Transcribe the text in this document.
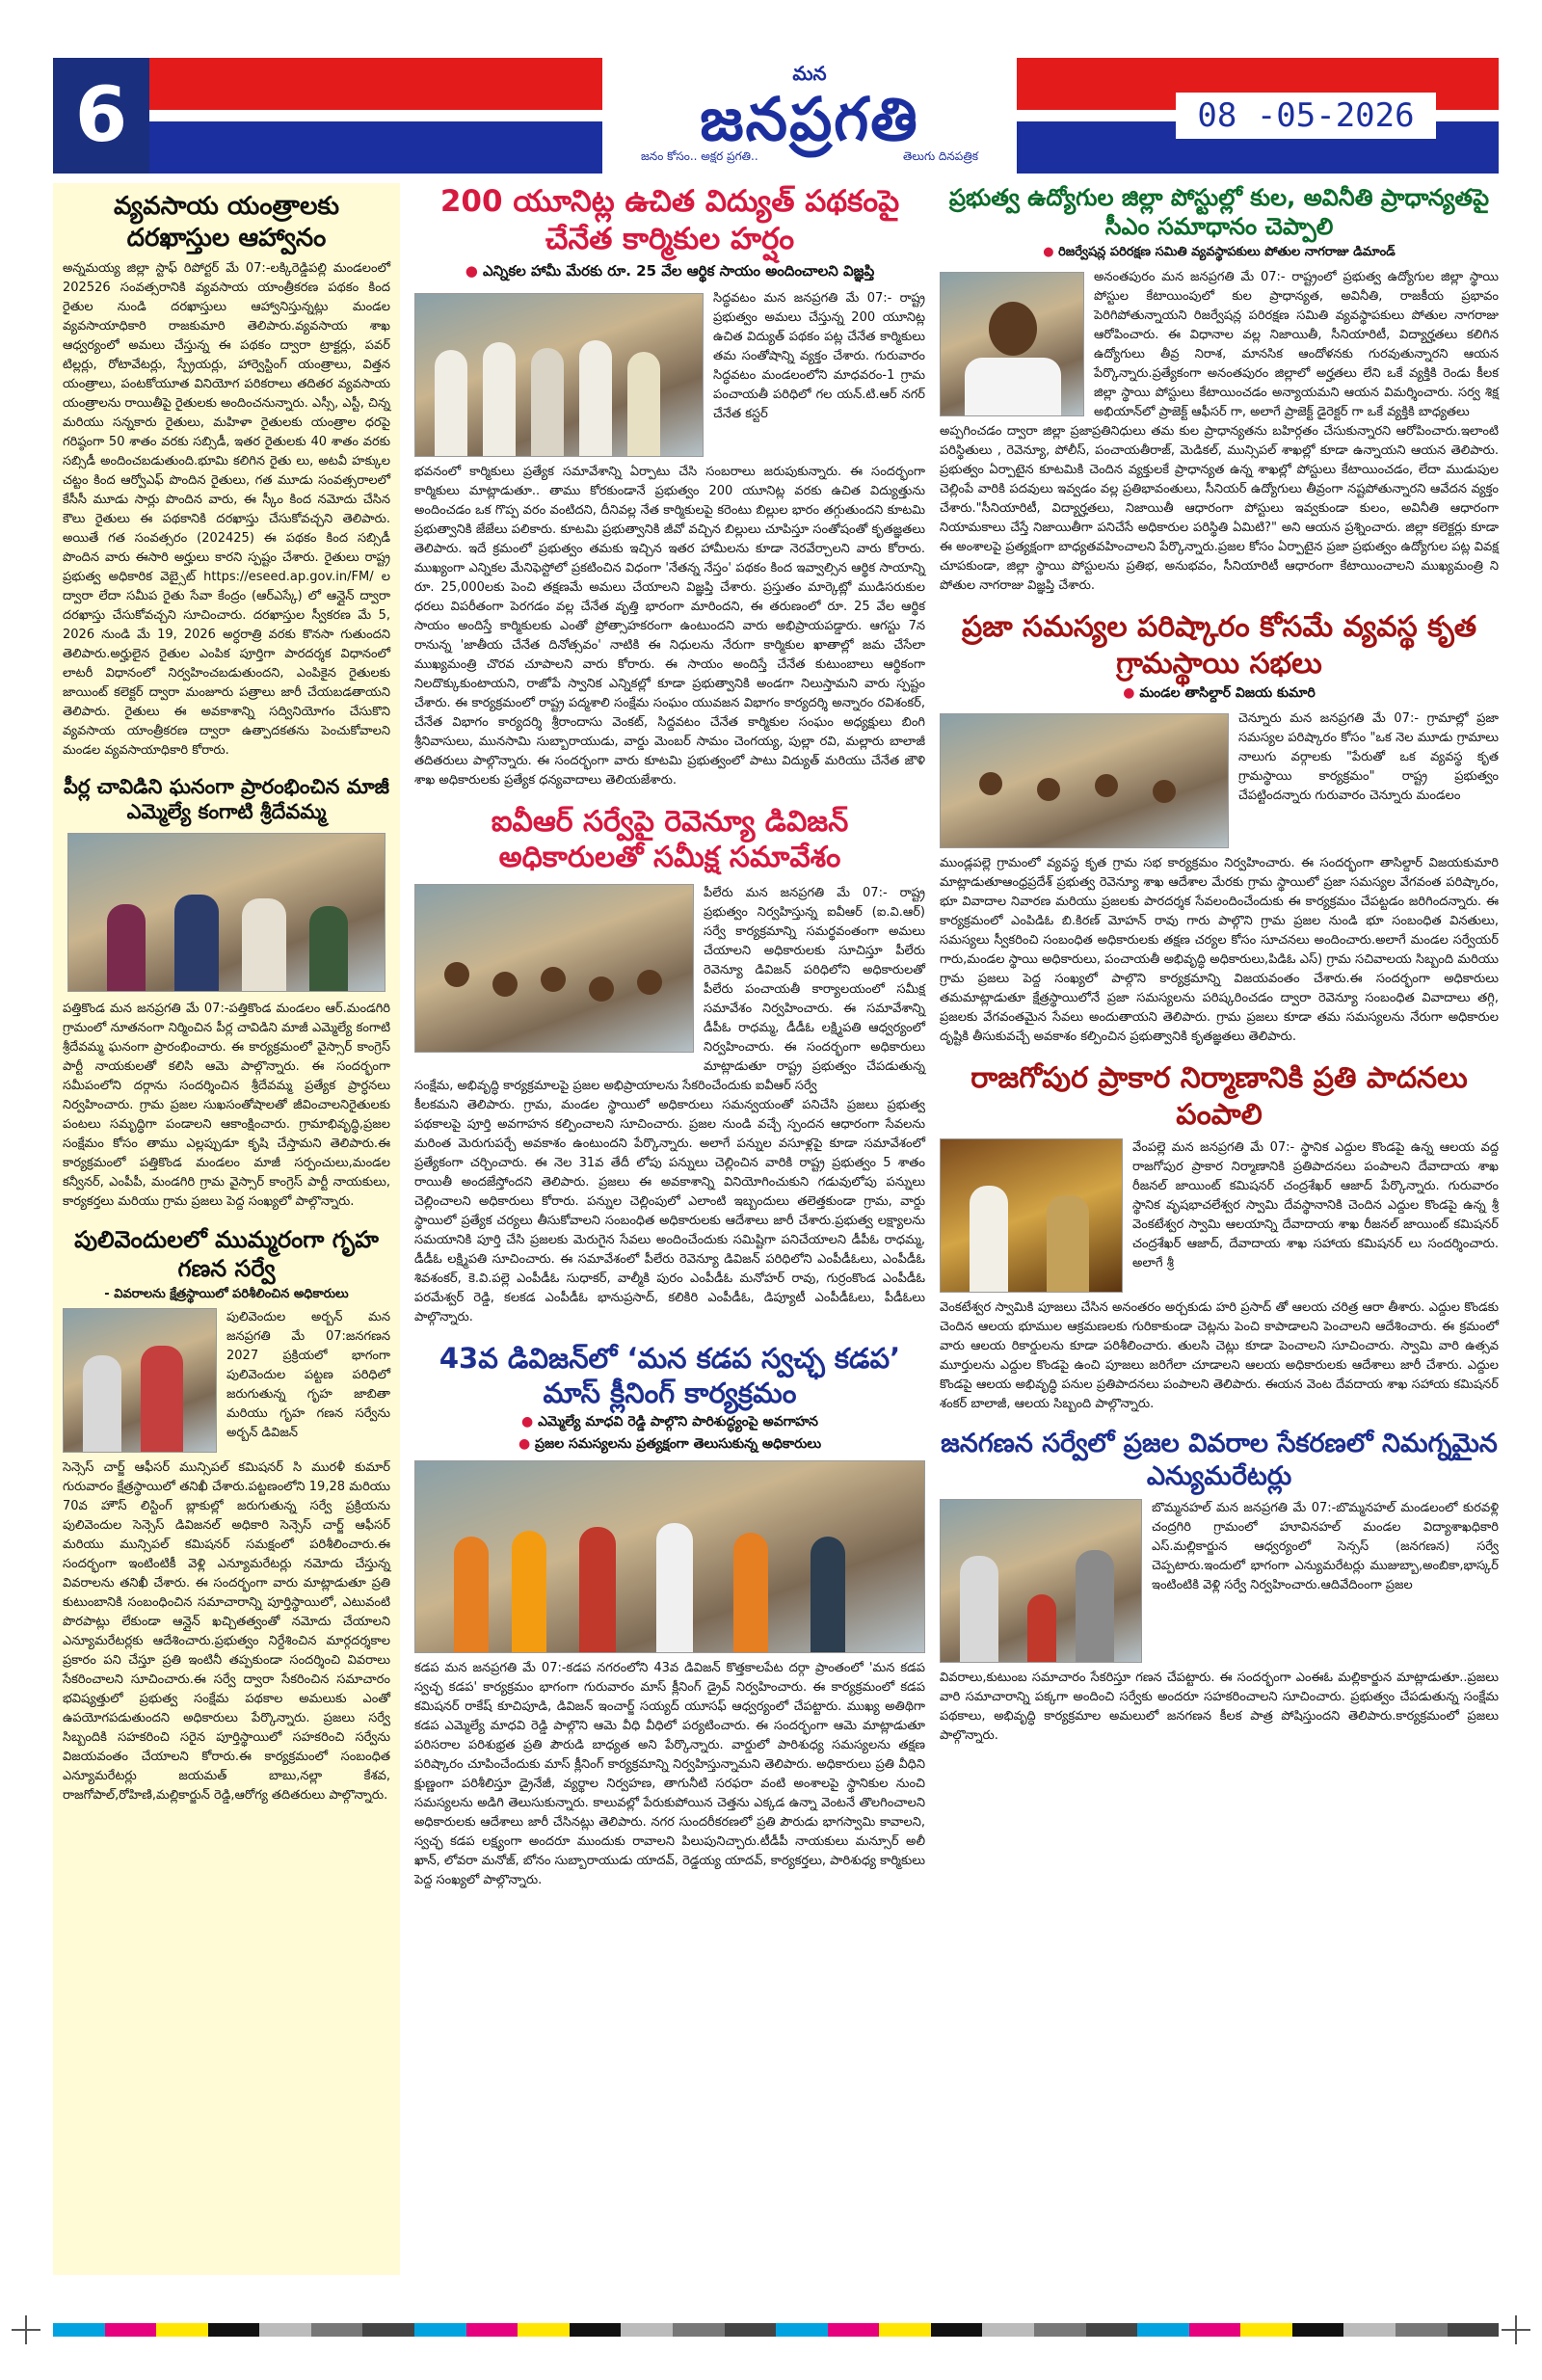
6	మన
జనప్రగతి
జనం కోసం.. అక్షర ప్రగతి..	తెలుగు దినపత్రిక
08 -05-2026
వ్యవసాయ యంత్రాలకు దరఖాస్తుల ఆహ్వానం

అన్నమయ్య జిల్లా స్టాఫ్ రిపోర్టర్ మే 07:-లక్కిరెడ్డిపల్లి మండలంలో 202526 సంవత్సరానికి వ్యవసాయ యాంత్రీకరణ పథకం కింద రైతుల నుండి దరఖాస్తులు ఆహ్వానిస్తున్నట్లు మండల వ్యవసాయాధికారి రాజకుమారి తెలిపారు.వ్యవసాయ శాఖ ఆధ్వర్యంలో అమలు చేస్తున్న ఈ పథకం ద్వారా ట్రాక్టర్లు, పవర్ టిల్లర్లు, రోటావేటర్లు, స్ప్రేయర్లు, హార్వెస్టింగ్ యంత్రాలు, విత్తన యంత్రాలు, పంటకోయూత వినియోగ పరికరాలు తదితర వ్యవసాయ యంత్రాలను రాయితీపై రైతులకు అందించనున్నారు. ఎస్సీ, ఎస్టీ, చిన్న మరియు సన్నకారు రైతులు, మహిళా రైతులకు యంత్రాల ధరపై గరిష్ఠంగా 50 శాతం వరకు సబ్సిడీ, ఇతర రైతులకు 40 శాతం వరకు సబ్సిడీ అందించబడుతుంది.భూమి కలిగిన రైతు లు, అటవీ హక్కుల చట్టం కింద ఆర్వోఎఫ్ పొందిన రైతులు, గత మూడు సంవత్సరాలలో కేసీసీ మూడు సార్లు పొందిన వారు, ఈ స్కీం కింద నమోదు చేసిన కౌలు రైతులు ఈ పథకానికి దరఖాస్తు చేసుకోవచ్చని తెలిపారు. అయితే గత సంవత్సరం (202425) ఈ పథకం కింద సబ్సిడీ పొందిన వారు ఈసారి అర్హులు కారని స్పష్టం చేశారు. రైతులు రాష్ట్ర ప్రభుత్వ అధికారిక వెబ్సైట్ https://eseed.ap.gov.in/FM/ ల ద్వారా లేదా సమీప రైతు సేవా కేంద్రం (ఆర్ఎస్కే) లో ఆన్లైన్ ద్వారా దరఖాస్తు చేసుకోవచ్చని సూచించారు. దరఖాస్తుల స్వీకరణ మే 5, 2026 నుండి మే 19, 2026 అర్ధరాత్రి వరకు కొనసా గుతుందని తెలిపారు.అర్హులైన రైతుల ఎంపిక పూర్తిగా పారదర్శక విధానంలో లాటరీ విధానంలో నిర్వహించబడుతుందని, ఎంపికైన రైతులకు జాయింట్ కలెక్టర్ ద్వారా మంజూరు పత్రాలు జారీ చేయబడతాయని తెలిపారు. రైతులు ఈ అవకాశాన్ని సద్వినియోగం చేసుకొని వ్యవసాయ యాంత్రీకరణ ద్వారా ఉత్పాదకతను పెంచుకోవాలని మండల వ్యవసాయాధికారి కోరారు.

పీర్ల చావిడిని ఘనంగా ప్రారంభించిన మాజీ ఎమ్మెల్యే కంగాటి శ్రీదేవమ్మ

పత్తికొండ మన జనప్రగతి మే 07:-పత్తికొండ మండలం ఆర్.మండగిరి గ్రామంలో నూతనంగా నిర్మించిన పీర్ల చావిడిని మాజీ ఎమ్మెల్యే కంగాటి శ్రీదేవమ్మ ఘనంగా ప్రారంభించారు. ఈ కార్యక్రమంలో వైస్సార్ కాంగ్రెస్ పార్టీ నాయకులతో కలిసి ఆమె పాల్గొన్నారు. ఈ సందర్భంగా సమీపంలోని దర్గాను సందర్శించిన శ్రీదేవమ్మ ప్రత్యేక ప్రార్ధనలు నిర్వహించారు. గ్రామ ప్రజల సుఖసంతోషాలతో జీవించాలనిరైతులకు పంటలు సమృద్ధిగా పండాలని ఆకాంక్షించారు. గ్రామాభివృద్ధి,ప్రజల సంక్షేమం కోసం తాము ఎల్లప్పుడూ కృషి చేస్తామని తెలిపారు.ఈ కార్యక్రమంలో పత్తికొండ మండలం మాజీ సర్పంచులు,మండల కన్వీనర్, ఎంపీపీ, మండగిరి గ్రామ వైస్సార్ కాంగ్రెస్ పార్టీ నాయకులు, కార్యకర్తలు మరియు గ్రామ ప్రజలు పెద్ద సంఖ్యలో పాల్గొన్నారు.

పులివెందులలో ముమ్మరంగా గృహ గణన సర్వే
- వివరాలను క్షేత్రస్థాయిలో పరిశీలించిన అధికారులు

పులివెందుల అర్బన్ మన జనప్రగతి మే 07:జనగణన 2027 ప్రక్రియలో భాగంగా పులివెందుల పట్టణ పరిధిలో జరుగుతున్న గృహ జాబితా మరియు గృహ గణన సర్వేను అర్బన్ డివిజన్

సెన్సెస్ చార్జ్ ఆఫీసర్ మున్సిపల్ కమిషనర్ సి మురళీ కుమార్ గురువారం క్షేత్రస్థాయిలో తనిఖీ చేశారు.పట్టణంలోని 19,28 మరియు 70వ హౌస్ లిస్టింగ్ బ్లాకుల్లో జరుగుతున్న సర్వే ప్రక్రియను పులివెందుల సెన్సెస్ డివిజనల్ అధికారి సెన్సెస్ చార్జ్ ఆఫీసర్ మరియు మున్సిపల్ కమిషనర్ సమక్షంలో పరిశీలించారు.ఈ సందర్భంగా ఇంటింటికీ వెళ్లి ఎన్యూమరేటర్లు నమోదు చేస్తున్న వివరాలను తనిఖీ చేశారు. ఈ సందర్భంగా వారు మాట్లాడుతూ ప్రతి కుటుంబానికి సంబంధించిన సమాచారాన్ని పూర్తిస్థాయిలో, ఎటువంటి పొరపాట్లు లేకుండా ఆన్లైన్ ఖచ్చితత్వంతో నమోదు చేయాలని ఎన్యూమరేటర్లకు ఆదేశించారు.ప్రభుత్వం నిర్దేశించిన మార్గదర్శకాల ప్రకారం పని చేస్తూ ప్రతి ఇంటినీ తప్పకుండా సందర్శించి వివరాలు సేకరించాలని సూచించారు.ఈ సర్వే ద్వారా సేకరించిన సమాచారం భవిష్యత్తులో ప్రభుత్వ సంక్షేమ పథకాల అమలుకు ఎంతో ఉపయోగపడుతుందని అధికారులు పేర్కొన్నారు. ప్రజలు సర్వే సిబ్బందికి సహకరించి సరైన పూర్తిస్థాయిలో సహకరించి సర్వేను విజయవంతం చేయాలని కోరారు.ఈ కార్యక్రమంలో సంబంధిత ఎన్యూమరేటర్లు జయమత్ బాబు,నల్లా కేశవ, రాజగోపాల్,రోహిణి,మల్లికార్జున్ రెడ్డి,ఆరోగ్య తదితరులు పాల్గొన్నారు.

200 యూనిట్ల ఉచిత విద్యుత్ పథకంపై చేనేత కార్మికుల హర్షం
● ఎన్నికల హామీ మేరకు రూ. 25 వేల ఆర్థిక సాయం అందించాలని విజ్ఞప్తి

సిద్ధవటం మన జనప్రగతి మే 07:- రాష్ట్ర ప్రభుత్వం అమలు చేస్తున్న 200 యూనిట్ల ఉచిత విద్యుత్ పథకం పట్ల చేనేత కార్మికులు తమ సంతోషాన్ని వ్యక్తం చేశారు. గురువారం సిద్ధవటం మండలంలోని మాధవరం-1 గ్రామ పంచాయతీ పరిధిలో గల యన్.టి.ఆర్ నగర్ చేనేత కస్టర్

భవనంలో కార్మికులు ప్రత్యేక సమావేశాన్ని ఏర్పాటు చేసి సంబరాలు జరుపుకున్నారు. ఈ సందర్భంగా కార్మికులు మాట్లాడుతూ.. తాము కోరకుండానే ప్రభుత్వం 200 యూనిట్ల వరకు ఉచిత విద్యుత్తును అందించడం ఒక గొప్ప వరం వంటిదని, దీనివల్ల నేత కార్మికులపై కరెంటు బిల్లుల భారం తగ్గుతుందని కూటమి ప్రభుత్వానికి జేజేలు పలికారు. కూటమి ప్రభుత్వానికి జీవో వచ్చిన బిల్లులు చూపిస్తూ సంతోషంతో కృతజ్ఞతలు తెలిపారు. ఇదే క్రమంలో ప్రభుత్వం తమకు ఇచ్చిన ఇతర హామీలను కూడా నెరవేర్చాలని వారు కోరారు. ముఖ్యంగా ఎన్నికల మేనిఫెస్టోలో ప్రకటించిన విధంగా 'నేతన్న నేస్తం' పథకం కింద ఇవ్వాల్సిన ఆర్థిక సాయాన్ని రూ. 25,000లకు పెంచి తక్షణమే అమలు చేయాలని విజ్ఞప్తి చేశారు. ప్రస్తుతం మార్కెట్లో ముడిసరుకుల ధరలు విపరీతంగా పెరగడం వల్ల చేనేత వృత్తి భారంగా మారిందని, ఈ తరుణంలో రూ. 25 వేల ఆర్థిక సాయం అందిస్తే కార్మికులకు ఎంతో ప్రోత్సాహకరంగా ఉంటుందని వారు అభిప్రాయపడ్డారు. ఆగస్టు 7న రానున్న 'జాతీయ చేనేత దినోత్సవం' నాటికి ఈ నిధులను నేరుగా కార్మికుల ఖాతాల్లో జమ చేసేలా ముఖ్యమంత్రి చొరవ చూపాలని వారు కోరారు. ఈ సాయం అందిస్తే చేనేత కుటుంబాలు ఆర్థికంగా నిలదొక్కుకుంటాయని, రాజోపే స్వానిక ఎన్నికల్లో కూడా ప్రభుత్వానికి అండగా నిలుస్తామని వారు స్పష్టం చేశారు. ఈ కార్యక్రమంలో రాష్ట్ర పద్మశాలి సంక్షేమ సంఘం యువజన విభాగం కార్యదర్శి అన్నారం రవిశంకర్, చేనేత విభాగం కార్యదర్శి శ్రీరాందాసు వెంకట్, సిద్దవటం చేనేత కార్మికుల సంఘం అధ్యక్షులు బింగి శ్రీనివాసులు, మునసామి సుబ్బారాయుడు, వార్డు మెంబర్ సామం చెంగయ్య, పుల్లా రవి, మల్లారు బాలాజీ తదితరులు పాల్గొన్నారు. ఈ సందర్భంగా వారు కూటమి ప్రభుత్వంలో పాటు విద్యుత్ మరియు చేనేత జౌళి శాఖ అధికారులకు ప్రత్యేక ధన్యవాదాలు తెలియజేశారు.

ఐవీఆర్ సర్వేపై రెవెన్యూ డివిజన్ అధికారులతో సమీక్ష సమావేశం

పీలేరు మన జనప్రగతి మే 07:- రాష్ట్ర ప్రభుత్వం నిర్వహిస్తున్న ఐవీఆర్ (ఐ.వి.ఆర్) సర్వే కార్యక్రమాన్ని సమర్థవంతంగా అమలు చేయాలని అధికారులకు సూచిస్తూ పీలేరు రెవెన్యూ డివిజన్ పరిధిలోని అధికారులతో పీలేరు పంచాయతీ కార్యాలయంలో సమీక్ష సమావేశం నిర్వహించారు. ఈ సమావేశాన్ని డీపీఓ రాధమ్మ, డీడీఓ లక్ష్మిపతి ఆధ్వర్యంలో నిర్వహించారు. ఈ సందర్భంగా అధికారులు మాట్లాడుతూ రాష్ట్ర ప్రభుత్వం చేపడుతున్న సంక్షేమ, అభివృద్ధి కార్యక్రమాలపై ప్రజల అభిప్రాయాలను సేకరించేందుకు ఐవీఆర్ సర్వే

కీలకమని తెలిపారు. గ్రామ, మండల స్థాయిలో అధికారులు సమన్వయంతో పనిచేసి ప్రజలు ప్రభుత్వ పథకాలపై పూర్తి అవగాహన కల్పించాలని సూచించారు. ప్రజల నుండి వచ్చే స్పందన ఆధారంగా సేవలను మరింత మెరుగుపర్చే అవకాశం ఉంటుందని పేర్కొన్నారు. అలాగే పన్నుల వసూళ్లపై కూడా సమావేశంలో ప్రత్యేకంగా చర్చించారు. ఈ నెల 31వ తేదీ లోపు పన్నులు చెల్లించిన వారికి రాష్ట్ర ప్రభుత్వం 5 శాతం రాయితీ అందజేస్తోందని తెలిపారు. ప్రజలు ఈ అవకాశాన్ని వినియోగించుకుని గడువులోపు పన్నులు చెల్లించాలని అధికారులు కోరారు. పన్నుల చెల్లింపులో ఎలాంటి ఇబ్బందులు తలెత్తకుండా గ్రామ, వార్డు స్థాయిలో ప్రత్యేక చర్యలు తీసుకోవాలని సంబంధిత అధికారులకు ఆదేశాలు జారీ చేశారు.ప్రభుత్వ లక్ష్యాలను సమయానికి పూర్తి చేసి ప్రజలకు మెరుగైన సేవలు అందించేందుకు సమిష్టిగా పనిచేయాలని డీపీఓ రాధమ్మ, డీడీఓ లక్ష్మిపతి సూచించారు. ఈ సమావేశంలో పీలేరు రెవెన్యూ డివిజన్ పరిధిలోని ఎంపీడీఓలు, ఎంపీడీఓ శివశంకర్, కె.వి.పల్లె ఎంపీడీఓ సుధాకర్, వాల్మీకి పురం ఎంపీడీఓ మనోహర్ రావు, గుర్రంకొండ ఎంపీడీఓ పరమేశ్వర్ రెడ్డి, కలకడ ఎంపీడీఓ భానుప్రసాద్, కలికిరి ఎంపీడీఓ, డిప్యూటీ ఎంపీడీఓలు, పీడీఓలు పాల్గొన్నారు.

43వ డివిజన్‌లో ‘మన కడప స్వచ్ఛ కడప’ మాస్ క్లీనింగ్ కార్యక్రమం
● ఎమ్మెల్యే మాధవి రెడ్డి పాల్గొని పారిశుద్ధ్యంపై అవగాహన
● ప్రజల సమస్యలను ప్రత్యక్షంగా తెలుసుకున్న అధికారులు

కడప మన జనప్రగతి మే 07:-కడప నగరంలోని 43వ డివిజన్ కొత్తకాలపేట దర్గా ప్రాంతంలో 'మన కడప స్వచ్ఛ కడప' కార్యక్రమం భాగంగా గురువారం మాస్ క్లీనింగ్ డ్రైవ్ నిర్వహించారు. ఈ కార్యక్రమంలో కడప కమిషనర్ రాకేష్ కూచిపూడి, డివిజన్ ఇంచార్జ్ సయ్యద్ యూసఫ్ ఆధ్వర్యంలో చేపట్టారు. ముఖ్య అతిథిగా కడప ఎమ్మెల్యే మాధవి రెడ్డి పాల్గొని ఆమె వీధి వీధిలో పర్యటించారు. ఈ సందర్భంగా ఆమె మాట్లాడుతూ పరిసరాల పరిశుభ్రత ప్రతి పౌరుడి బాధ్యత అని పేర్కొన్నారు. వార్డులో పారిశుధ్య సమస్యలను తక్షణ పరిష్కారం చూపించేందుకు మాస్ క్లీనింగ్ కార్యక్రమాన్ని నిర్వహిస్తున్నామని తెలిపారు. అధికారులు ప్రతి వీధిని క్షుణ్ణంగా పరిశీలిస్తూ డ్రైనేజీ, వ్యర్థాల నిర్వహణ, తాగునీటి సరఫరా వంటి అంశాలపై స్థానికుల నుంచి సమస్యలను అడిగి తెలుసుకున్నారు. కాలువల్లో పేరుకుపోయిన చెత్తను ఎక్కడ ఉన్నా వెంటనే తొలగించాలని అధికారులకు ఆదేశాలు జారీ చేసినట్లు తెలిపారు. నగర సుందరీకరణలో ప్రతి పౌరుడు భాగస్వామి కావాలని, స్వచ్ఛ కడప లక్ష్యంగా అందరూ ముందుకు రావాలని పిలుపునిచ్చారు.టీడీపీ నాయకులు మన్సూర్ అలీ ఖాన్, లోవరా మనోజ్, బోనం సుబ్బారాయుడు యాదవ్, రెడ్డయ్య యాదవ్, కార్యకర్తలు, పారిశుధ్య కార్మికులు పెద్ద సంఖ్యలో పాల్గొన్నారు.

ప్రభుత్వ ఉద్యోగుల జిల్లా పోస్టుల్లో కుల, అవినీతి ప్రాధాన్యతపై సీఎం సమాధానం చెప్పాలి
● రిజర్వేషన్ల పరిరక్షణ సమితి వ్యవస్థాపకులు పోతుల నాగరాజు డిమాండ్

అనంతపురం మన జనప్రగతి మే 07:- రాష్ట్రంలో ప్రభుత్వ ఉద్యోగుల జిల్లా స్థాయి పోస్టుల కేటాయింపులో కుల ప్రాధాన్యత, అవినీతి, రాజకీయ ప్రభావం పెరిగిపోతున్నాయని రిజర్వేషన్ల పరిరక్షణ సమితి వ్యవస్థాపకులు పోతుల నాగరాజు ఆరోపించారు. ఈ విధానాల వల్ల నిజాయితీ, సీనియారిటీ, విద్యార్హతలు కలిగిన ఉద్యోగులు తీవ్ర నిరాశ, మానసిక ఆందోళనకు గురవుతున్నారని ఆయన పేర్కొన్నారు.ప్రత్యేకంగా అనంతపురం జిల్లాలో అర్హతలు లేని ఒకే వ్యక్తికి రెండు కీలక జిల్లా స్థాయి పోస్టులు కేటాయించడం అన్యాయమని ఆయన విమర్శించారు. సర్వ శిక్ష అభియాన్‌లో ప్రాజెక్ట్ ఆఫీసర్ గా, అలాగే ప్రాజెక్ట్ డైరెక్టర్ గా ఒకే వ్యక్తికి బాధ్యతలు

అప్పగించడం ద్వారా జిల్లా ప్రజాప్రతినిధులు తమ కుల ప్రాధాన్యతను బహిర్గతం చేసుకున్నారని ఆరోపించారు.ఇలాంటి పరిస్థితులు , రెవెన్యూ, పోలీస్, పంచాయతీరాజ్, మెడికల్, మున్సిపల్ శాఖల్లో కూడా ఉన్నాయని ఆయన తెలిపారు. ప్రభుత్వం ఏర్పాటైన కూటమికి చెందిన వ్యక్తులకే ప్రాధాన్యత ఉన్న శాఖల్లో పోస్టులు కేటాయించడం, లేదా ముడుపుల చెల్లింపే వారికి పదవులు ఇవ్వడం వల్ల ప్రతిభావంతులు, సీనియర్ ఉద్యోగులు తీవ్రంగా నష్టపోతున్నారని ఆవేదన వ్యక్తం చేశారు."సీనియారిటీ, విద్యార్హతలు, నిజాయితీ ఆధారంగా పోస్టులు ఇవ్వకుండా కులం, అవినీతి ఆధారంగా నియామకాలు చేస్తే నిజాయితీగా పనిచేసే అధికారుల పరిస్థితి ఏమిటి?" అని ఆయన ప్రశ్నించారు. జిల్లా కలెక్టర్లు కూడా ఈ అంశాలపై ప్రత్యక్షంగా బాధ్యతవహించాలని పేర్కొన్నారు.ప్రజల కోసం ఏర్పాటైన ప్రజా ప్రభుత్వం ఉద్యోగుల పట్ల వివక్ష చూపకుండా, జిల్లా స్థాయి పోస్టులను ప్రతిభ, అనుభవం, సీనియారిటీ ఆధారంగా కేటాయించాలని ముఖ్యమంత్రి ని పోతుల నాగరాజు విజ్ఞప్తి చేశారు.

ప్రజా సమస్యల పరిష్కారం కోసమే వ్యవస్థ కృత గ్రామస్థాయి సభలు
● మండల తాసిల్దార్ విజయ కుమారి

చెన్నూరు మన జనప్రగతి మే 07:- గ్రామాల్లో ప్రజా సమస్యల పరిష్కారం కోసం "ఒక నెల మూడు గ్రామాలు నాలుగు వర్గాలకు "పేరుతో ఒక వ్యవస్థ కృత గ్రామస్థాయి కార్యక్రమం" రాష్ట్ర ప్రభుత్వం చేపట్టిందన్నారు గురువారం చెన్నూరు మండలం

ముండ్లపల్లె గ్రామంలో వ్యవస్థ కృత గ్రామ సభ కార్యక్రమం నిర్వహించారు. ఈ సందర్భంగా తాసిల్దార్ విజయకుమారి మాట్లాడుతూఆంధ్రప్రదేశ్ ప్రభుత్వ రెవెన్యూ శాఖ ఆదేశాల మేరకు గ్రామ స్థాయిలో ప్రజా సమస్యల వేగవంత పరిష్కారం, భూ వివాదాల నివారణ మరియు ప్రజలకు పారదర్శక సేవలందించేందుకు ఈ కార్యక్రమం చేపట్టడం జరిగిందన్నారు. ఈ కార్యక్రమంలో ఎంపిడిఓ బి.కిరణ్ మోహన్ రావు గారు పాల్గొని గ్రామ ప్రజల నుండి భూ సంబంధిత వినతులు, సమస్యలు స్వీకరించి సంబంధిత అధికారులకు తక్షణ చర్యల కోసం సూచనలు అందించారు.అలాగే మండల సర్వేయర్ గారు,మండల స్థాయి అధికారులు, పంచాయతీ అభివృద్ధి అధికారులు,పిడిఓ ఎస్) గ్రామ సచివాలయ సిబ్బంది మరియు గ్రామ ప్రజలు పెద్ద సంఖ్యలో పాల్గొని కార్యక్రమాన్ని విజయవంతం చేశారు.ఈ సందర్భంగా అధికారులు తమమాట్లాడుతూ క్షేత్రస్థాయిలోనే ప్రజా సమస్యలను పరిష్కరించడం ద్వారా రెవెన్యూ సంబంధిత వివాదాలు తగ్గి, ప్రజలకు వేగవంతమైన సేవలు అందుతాయని తెలిపారు. గ్రామ ప్రజలు కూడా తమ సమస్యలను నేరుగా అధికారుల దృష్టికి తీసుకువచ్చే అవకాశం కల్పించిన ప్రభుత్వానికి కృతజ్ఞతలు తెలిపారు.

రాజగోపుర ప్రాకార నిర్మాణానికి ప్రతి పాదనలు పంపాలి

వేంపల్లె మన జనప్రగతి మే 07:- స్థానిక ఎద్దుల కొండపై ఉన్న ఆలయ వద్ద రాజగోపుర ప్రాకార నిర్మాణానికి ప్రతిపాదనలు పంపాలని దేవాదాయ శాఖ రీజనల్ జాయింట్ కమిషనర్ చంద్రశేఖర్ ఆజాద్ పేర్కొన్నారు. గురువారం స్థానిక వృషభాచలేశ్వర స్వామి దేవస్థానానికి చెందిన ఎద్దుల కొండపై ఉన్న శ్రీ వెంకటేశ్వర స్వామి ఆలయాన్ని దేవాదాయ శాఖ రీజనల్ జాయింట్ కమిషనర్ చంద్రశేఖర్ ఆజాద్, దేవాదాయ శాఖ సహాయ కమిషనర్ లు సందర్శించారు. అలాగే శ్రీ

వెంకటేశ్వర స్వామికి పూజలు చేసిన అనంతరం అర్చకుడు హరి ప్రసాద్ తో ఆలయ చరిత్ర ఆరా తీశారు. ఎద్దుల కొండకు చెందిన ఆలయ భూముల ఆక్రమణలకు గురికాకుండా చెట్లను పెంచి కాపాడాలని పెంచాలని ఆదేశించారు. ఈ క్రమంలో వారు ఆలయ రికార్డులను కూడా పరిశీలించారు. తులసి చెట్లు కూడా పెంచాలని సూచించారు. స్వామి వారి ఉత్సవ మూర్తులను ఎద్దుల కొండపై ఉంచి పూజలు జరిగేలా చూడాలని ఆలయ అధికారులకు ఆదేశాలు జారీ చేశారు. ఎద్దుల కొండపై ఆలయ అభివృద్ధి పనుల ప్రతిపాదనలు పంపాలని తెలిపారు. ఈయన వెంట దేవదాయ శాఖ సహాయ కమిషనర్ శంకర్ బాలాజీ, ఆలయ సిబ్బంది పాల్గొన్నారు.

జనగణన సర్వేలో ప్రజల వివరాల సేకరణలో నిమగ్నమైన ఎన్యుమరేటర్లు

బొమ్మనహల్ మన జనప్రగతి మే 07:-బొమ్మనహల్ మండలంలో కురవళ్లి చంద్రగిరి గ్రామంలో హూవినహల్ మండల విద్యాశాఖధికారి ఎస్.మల్లికార్జున ఆధ్వర్యంలో సెన్సస్ (జనగణన) సర్వే చెప్పటారు.ఇందులో భాగంగా ఎన్యుమరేటర్లు ముజుబ్బా,అంబికా,భాస్కర్ ఇంటింటికి వెళ్లి సర్వే నిర్వహించారు.ఆదివేదింంగా ప్రజల

వివరాలు,కుటుంబ సమాచారం సేకరిస్తూ గణన చేపట్టారు. ఈ సందర్భంగా ఎంఈఓ మల్లికార్జున మాట్లాడుతూ..ప్రజలు వారి సమాచారాన్ని పక్కగా అందించి సర్వేకు అందరూ సహకరించాలని సూచించారు. ప్రభుత్వం చేపడుతున్న సంక్షేమ పథకాలు, అభివృద్ధి కార్యక్రమాల అమలులో జనగణన కీలక పాత్ర పోషిస్తుందని తెలిపారు.కార్యక్రమంలో ప్రజలు పాల్గొన్నారు.
